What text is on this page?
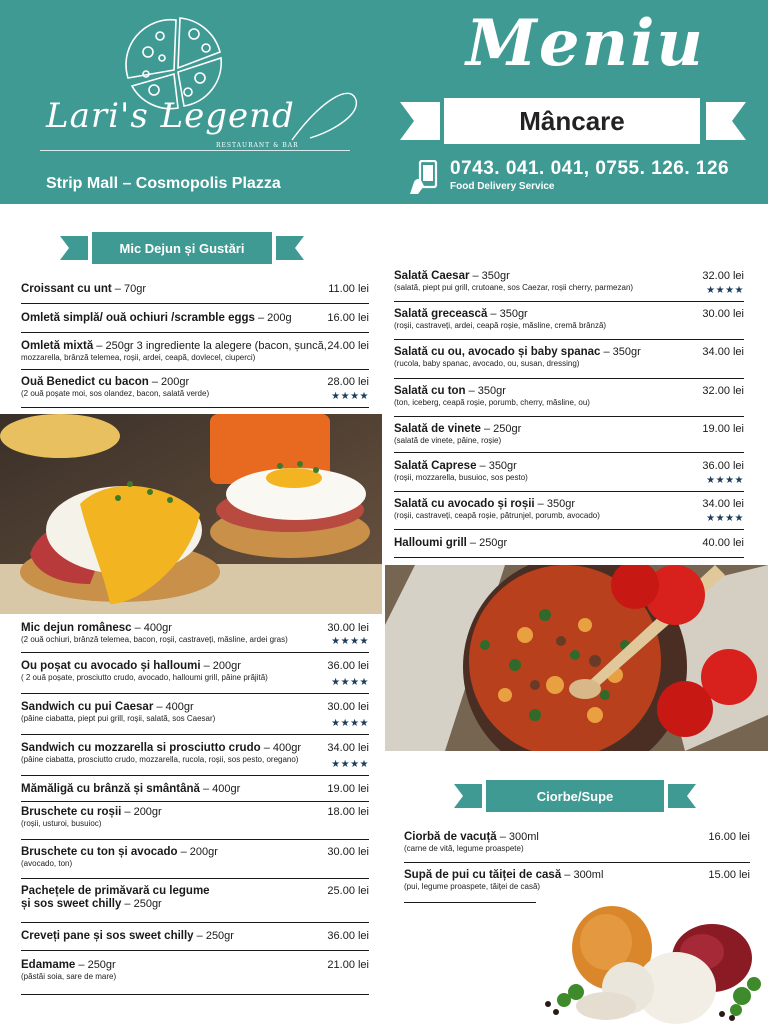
Lari's Legend
RESTAURANT & BAR
Strip Mall – Cosmopolis Plazza
Meniu
Mâncare
0743. 041. 041, 0755. 126. 126
Food Delivery Service
Mic Dejun și Gustări
Croissant cu unt – 70gr	11.00 lei
Omletă simplă/ ouă ochiuri /scramble eggs – 200g	16.00 lei
Omletă mixtă – 250gr 3 ingrediente la alegere (bacon, șuncă, 24.00 lei
mozzarella, brânză telemea, roșii, ardei, ceapă, dovlecel, ciuperci)
Ouă Benedict cu bacon – 200gr	28.00 lei
(2 ouă poșate moi, sos olandez, bacon, salată verde)	★★★★
Mic dejun românesc – 400gr	30.00 lei
(2 ouă ochiuri, brânză telemea, bacon, roșii, castraveți, măsline, ardei gras)	★★★★
Ou poșat cu avocado și halloumi – 200gr	36.00 lei
( 2 ouă poșate, prosciutto crudo, avocado, halloumi grill, pâine prăjită)	★★★★
Sandwich cu pui Caesar – 400gr	30.00 lei
(pâine ciabatta, piept pui grill, roșii, salată, sos Caesar)	★★★★
Sandwich cu mozzarella si prosciutto crudo – 400gr	34.00 lei
(pâine ciabatta, prosciutto crudo, mozzarella, rucola, roșii, sos pesto, oregano)	★★★★
Mămăligă cu brânză și smântână – 400gr	19.00 lei
Bruschete cu roșii – 200gr	18.00 lei
(roșii, usturoi, busuioc)
Bruschete cu ton și avocado – 200gr	30.00 lei
(avocado, ton)
Pachețele de primăvară cu legume	25.00 lei
și sos sweet chilly – 250gr
Creveți pane și sos sweet chilly – 250gr	36.00 lei
Edamame – 250gr	21.00 lei
(păstăi soia, sare de mare)
Salată Caesar – 350gr	32.00 lei
(salată, piept pui grill, crutoane, sos Caezar, roșii cherry, parmezan)	★★★★
Salată grecească – 350gr	30.00 lei
(roșii, castraveți, ardei, ceapă roșie, măsline, cremă brânză)
Salată cu ou, avocado și baby spanac – 350gr	34.00 lei
(rucola, baby spanac, avocado, ou, susan, dressing)
Salată cu ton – 350gr	32.00 lei
(ton, iceberg, ceapă roșie, porumb, cherry, măsline, ou)
Salată de vinete – 250gr	19.00 lei
(salată de vinete, pâine, roșie)
Salată Caprese – 350gr	36.00 lei
(roșii, mozzarella, busuioc, sos pesto)	★★★★
Salată cu avocado și roșii – 350gr	34.00 lei
(roșii, castraveți, ceapă roșie, pătrunjel, porumb, avocado)	★★★★
Halloumi grill – 250gr	40.00 lei
Ciorbe/Supe
Ciorbă de vacuță – 300ml	16.00 lei
(carne de vită, legume proaspete)
Supă de pui cu tăiței de casă – 300ml	15.00 lei
(pui, legume proaspete, tăiței de casă)
